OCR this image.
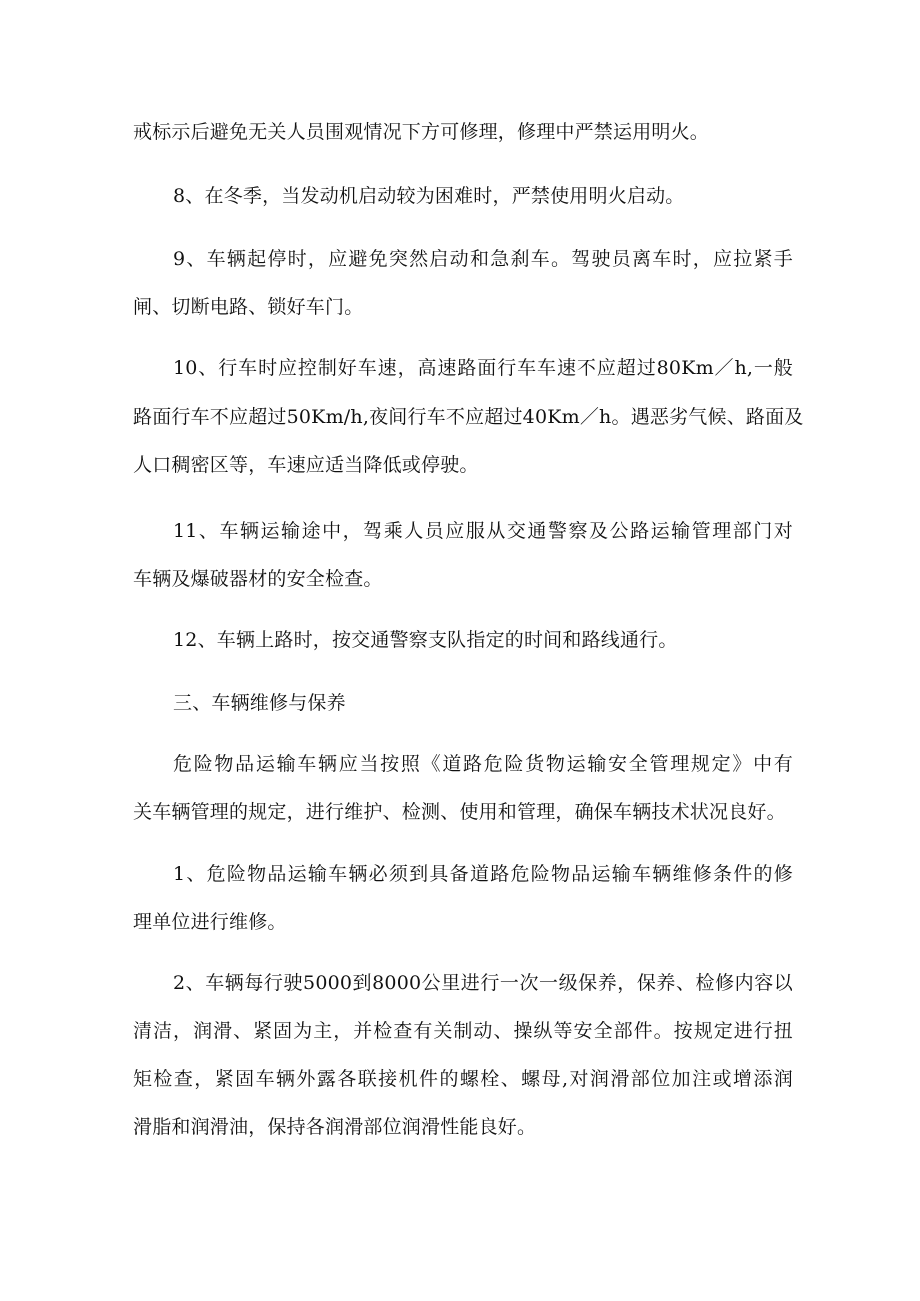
戒标示后避免无关人员围观情况下方可修理，修理中严禁运用明火。

8、在冬季，当发动机启动较为困难时，严禁使用明火启动。

9、车辆起停时，应避免突然启动和急刹车。驾驶员离车时，应拉紧手

闸、切断电路、锁好车门。

10、行车时应控制好车速，高速路面行车车速不应超过80Km／h,一般

路面行车不应超过50Km/h,夜间行车不应超过40Km／h。遇恶劣气候、路面及
人口稠密区等，车速应适当降低或停驶。

11、车辆运输途中，驾乘人员应服从交通警察及公路运输管理部门对

车辆及爆破器材的安全检查。

12、车辆上路时，按交通警察支队指定的时间和路线通行。

三、车辆维修与保养

危险物品运输车辆应当按照《道路危险货物运输安全管理规定》中有

关车辆管理的规定，进行维护、检测、使用和管理，确保车辆技术状况良好。

1、危险物品运输车辆必须到具备道路危险物品运输车辆维修条件的修

理单位进行维修。

2、车辆每行驶5000到8000公里进行一次一级保养，保养、检修内容以

清洁，润滑、紧固为主，并检查有关制动、操纵等安全部件。按规定进行扭
矩检查，紧固车辆外露各联接机件的螺栓、螺母,对润滑部位加注或增添润
滑脂和润滑油，保持各润滑部位润滑性能良好。
